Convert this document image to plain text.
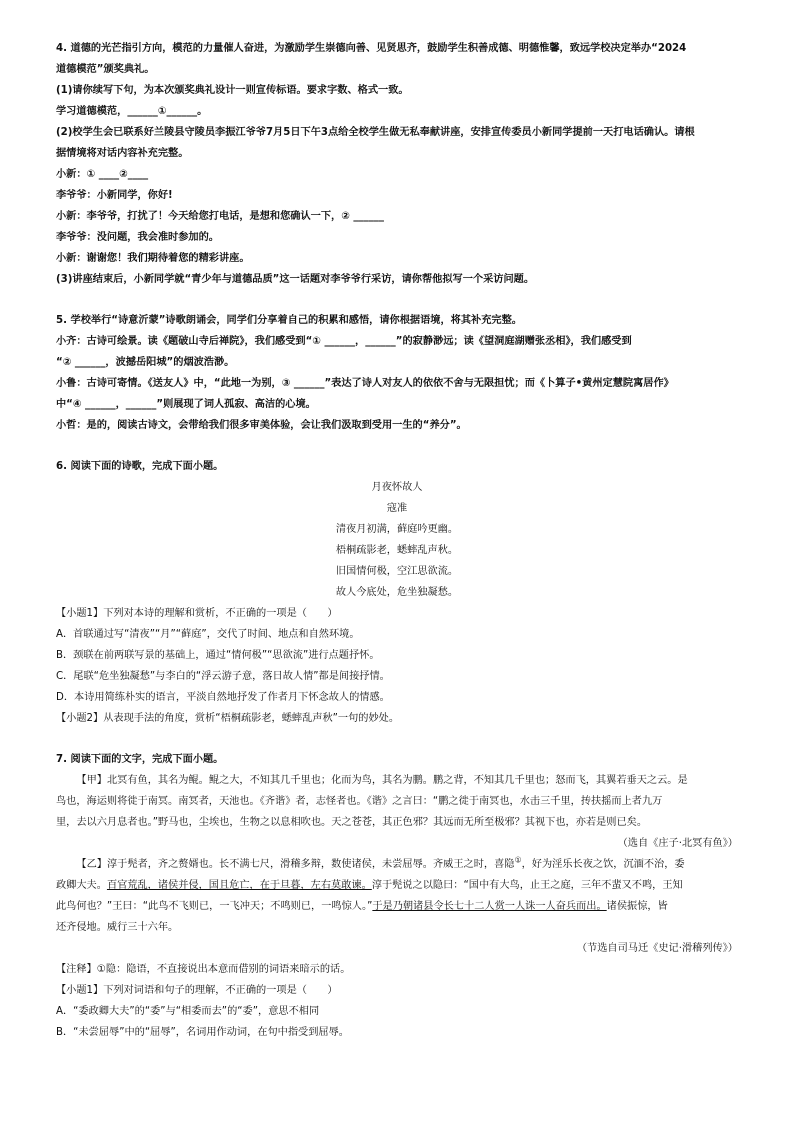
4. 道德的光芒指引方向，模范的力量催人奋进，为激励学生崇德向善、见贤思齐，鼓励学生积善成德、明德惟馨，致远学校决定举办“2024
道德模范”颁奖典礼。
(1)请你续写下句，为本次颁奖典礼设计一则宣传标语。要求字数、格式一致。
学习道德模范，______①______。
(2)校学生会已联系好兰陵县守陵员李振江爷爷7月5日下午3点给全校学生做无私奉献讲座，安排宣传委员小新同学提前一天打电话确认。请根
据情境将对话内容补充完整。
小新：① ____②____
李爷爷：小新同学，你好!
小新：李爷爷，打扰了！今天给您打电话，是想和您确认一下，② ______
李爷爷：没问题，我会准时参加的。
小新：谢谢您！我们期待着您的精彩讲座。
(3)讲座结束后，小新同学就“青少年与道德品质”这一话题对李爷爷行采访，请你帮他拟写一个采访问题。
5. 学校举行“诗意沂蒙”诗歌朗诵会，同学们分享着自己的积累和感悟，请你根据语境，将其补充完整。
小齐：古诗可绘景。读《题破山寺后禅院》，我们感受到“① ______，______”的寂静渺远；读《望洞庭湖赠张丞相》，我们感受到
“② ______，波撼岳阳城”的烟波浩渺。
小鲁：古诗可寄情。《送友人》中，“此地一为别，③ ______”表达了诗人对友人的依依不舍与无限担忧；而《卜算子•黄州定慧院寓居作》
中“④ ______，______”则展现了词人孤寂、高洁的心境。
小哲：是的，阅读古诗文，会带给我们很多审美体验，会让我们汲取到受用一生的“养分”。
6. 阅读下面的诗歌，完成下面小题。
月夜怀故人
寇准
清夜月初满，藓庭吟更幽。
梧桐疏影老，蟋蟀乱声秋。
旧国情何极，空江思欲流。
故人今底处，危坐独凝愁。
【小题1】下列对本诗的理解和赏析，不正确的一项是（　　）
A．首联通过写“清夜”“月”“藓庭”，交代了时间、地点和自然环境。
B．颈联在前两联写景的基础上，通过“情何极”“思欲流”进行点题抒怀。
C．尾联“危坐独凝愁”与李白的“浮云游子意，落日故人情”都是间接抒情。
D．本诗用简练朴实的语言，平淡自然地抒发了作者月下怀念故人的情感。
【小题2】从表现手法的角度，赏析“梧桐疏影老，蟋蟀乱声秋”一句的妙处。
7. 阅读下面的文字，完成下面小题。
【甲】北冥有鱼，其名为鲲。鲲之大，不知其几千里也；化而为鸟，其名为鹏。鹏之背，不知其几千里也；怒而飞，其翼若垂天之云。是
鸟也，海运则将徙于南冥。南冥者，天池也。《齐谐》者，志怪者也。《谐》之言曰：“鹏之徙于南冥也，水击三千里，抟扶摇而上者九万
里，去以六月息者也。”野马也，尘埃也，生物之以息相吹也。天之苍苍，其正色邪？其远而无所至极邪？其视下也，亦若是则已矣。
（选自《庄子·北冥有鱼》）
【乙】淳于髡者，齐之赘婿也。长不满七尺，滑稽多辩，数使诸侯，未尝屈辱。齐威王之时，喜隐①，好为淫乐长夜之饮，沉湎不治，委
政卿大夫。百官荒乱，诸侯并侵，国且危亡，在于旦暮，左右莫敢谏。淳于髡说之以隐曰：“国中有大鸟，止王之庭，三年不蜚又不鸣，王知
此鸟何也？”王曰：“此鸟不飞则已，一飞冲天；不鸣则已，一鸣惊人。”于是乃朝诸县令长七十二人赏一人诛一人奋兵而出。诸侯振惊，皆
还齐侵地。威行三十六年。
（节选自司马迁《史记·滑稽列传》）
【注释】①隐：隐语，不直接说出本意而借别的词语来暗示的话。
【小题1】下列对词语和句子的理解，不正确的一项是（　　）
A．“委政卿大夫”的“委”与“相委而去”的“委”，意思不相同
B．“未尝屈辱”中的“屈辱”，名词用作动词，在句中指受到屈辱。
